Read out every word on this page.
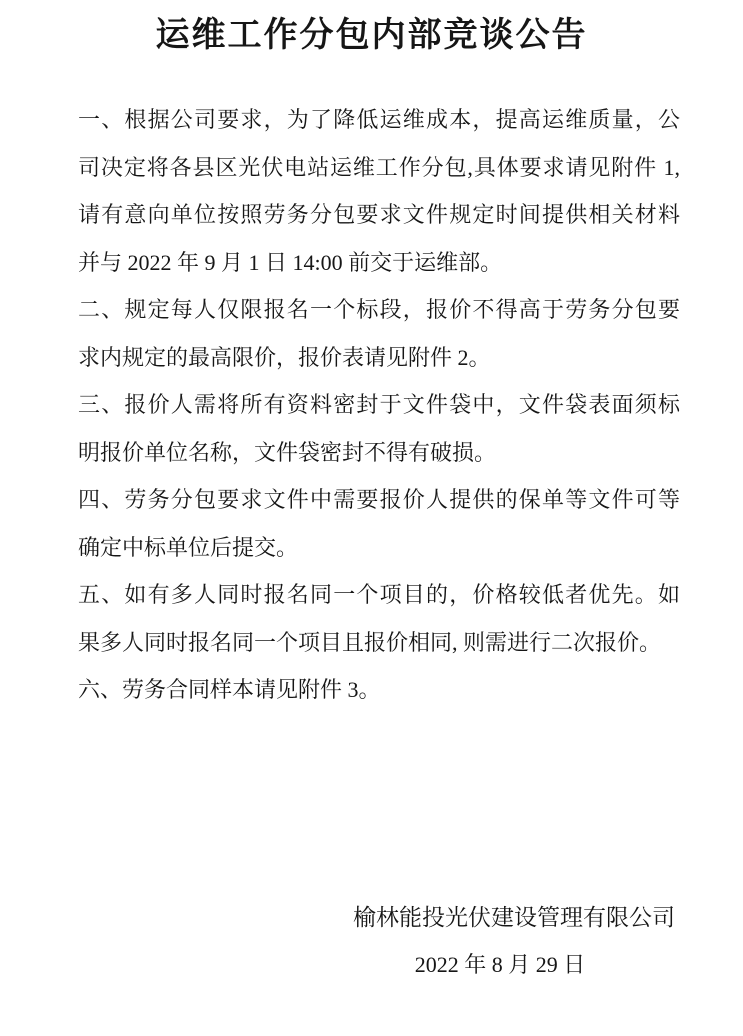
运维工作分包内部竞谈公告
一、根据公司要求，为了降低运维成本，提高运维质量，公
司决定将各县区光伏电站运维工作分包,具体要求请见附件 1,
请有意向单位按照劳务分包要求文件规定时间提供相关材料
并与 2022 年 9 月 1 日 14:00 前交于运维部。
二、规定每人仅限报名一个标段，报价不得高于劳务分包要
求内规定的最高限价，报价表请见附件 2。
三、报价人需将所有资料密封于文件袋中，文件袋表面须标
明报价单位名称，文件袋密封不得有破损。
四、劳务分包要求文件中需要报价人提供的保单等文件可等
确定中标单位后提交。
五、如有多人同时报名同一个项目的，价格较低者优先。如
果多人同时报名同一个项目且报价相同, 则需进行二次报价。
六、劳务合同样本请见附件 3。
榆林能投光伏建设管理有限公司
2022 年 8 月 29 日
